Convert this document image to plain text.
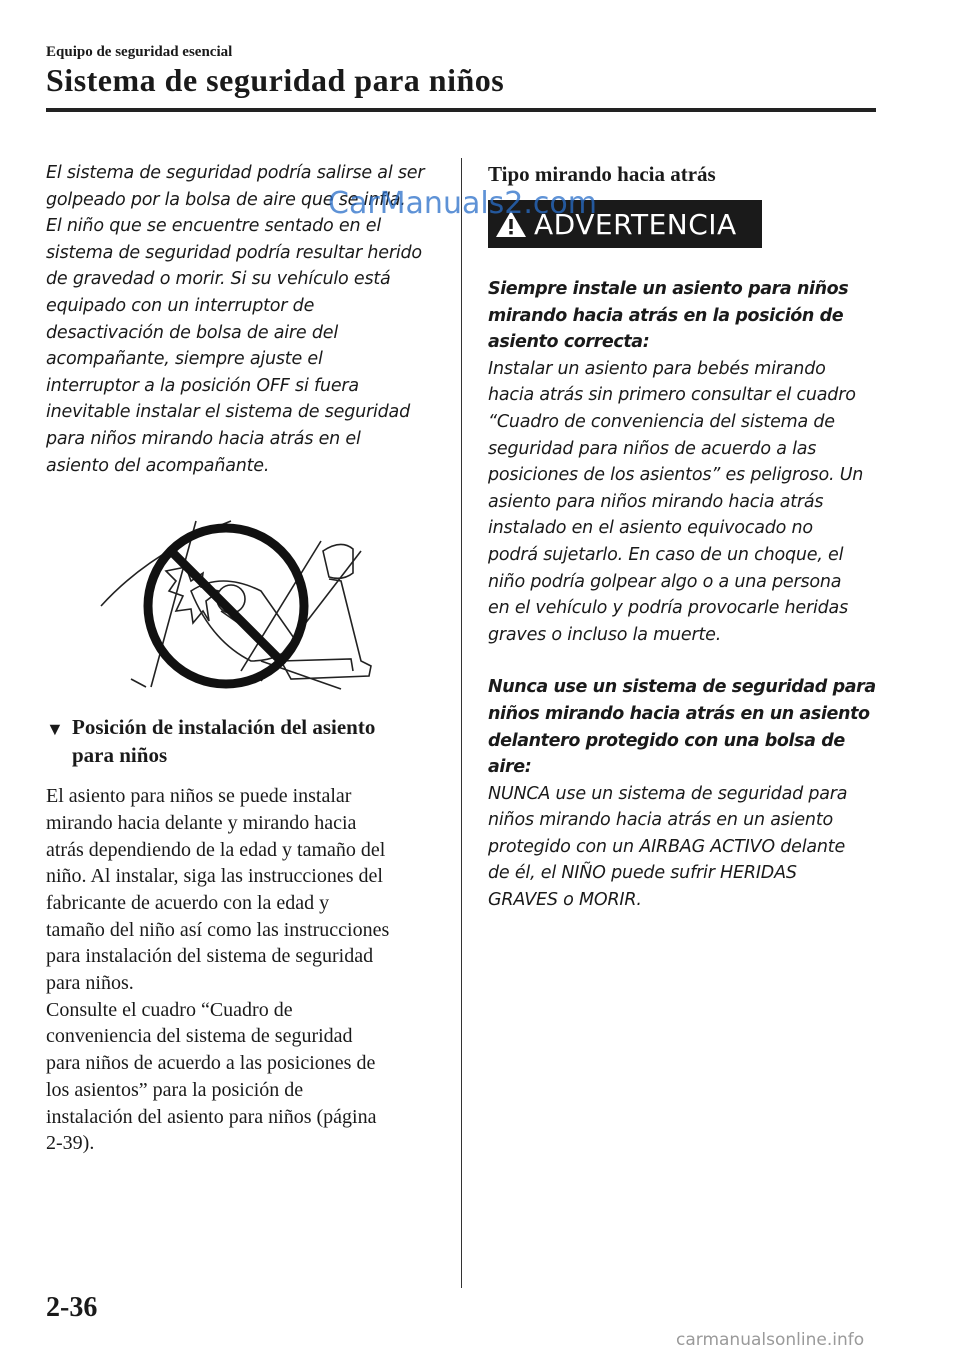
Equipo de seguridad esencial
Sistema de seguridad para niños
El sistema de seguridad podría salirse al ser
golpeado por la bolsa de aire que se infla.
El niño que se encuentre sentado en el
sistema de seguridad podría resultar herido
de gravedad o morir. Si su vehículo está
equipado con un interruptor de
desactivación de bolsa de aire del
acompañante, siempre ajuste el
interruptor a la posición OFF si fuera
inevitable instalar el sistema de seguridad
para niños mirando hacia atrás en el
asiento del acompañante.
▼ Posición de instalación del asiento
para niños
El asiento para niños se puede instalar
mirando hacia delante y mirando hacia
atrás dependiendo de la edad y tamaño del
niño. Al instalar, siga las instrucciones del
fabricante de acuerdo con la edad y
tamaño del niño así como las instrucciones
para instalación del sistema de seguridad
para niños.
Consulte el cuadro “Cuadro de
conveniencia del sistema de seguridad
para niños de acuerdo a las posiciones de
los asientos” para la posición de
instalación del asiento para niños (página
2-39).
Tipo mirando hacia atrás
ADVERTENCIA
Siempre instale un asiento para niños
mirando hacia atrás en la posición de
asiento correcta:
Instalar un asiento para bebés mirando
hacia atrás sin primero consultar el cuadro
“Cuadro de conveniencia del sistema de
seguridad para niños de acuerdo a las
posiciones de los asientos” es peligroso. Un
asiento para niños mirando hacia atrás
instalado en el asiento equivocado no
podrá sujetarlo. En caso de un choque, el
niño podría golpear algo o a una persona
en el vehículo y podría provocarle heridas
graves o incluso la muerte.
Nunca use un sistema de seguridad para
niños mirando hacia atrás en un asiento
delantero protegido con una bolsa de aire:
NUNCA use un sistema de seguridad para
niños mirando hacia atrás en un asiento
protegido con un AIRBAG ACTIVO delante
de él, el NIÑO puede sufrir HERIDAS
GRAVES o MORIR.
CarManuals2.com
2-36
carmanualsonline.info
